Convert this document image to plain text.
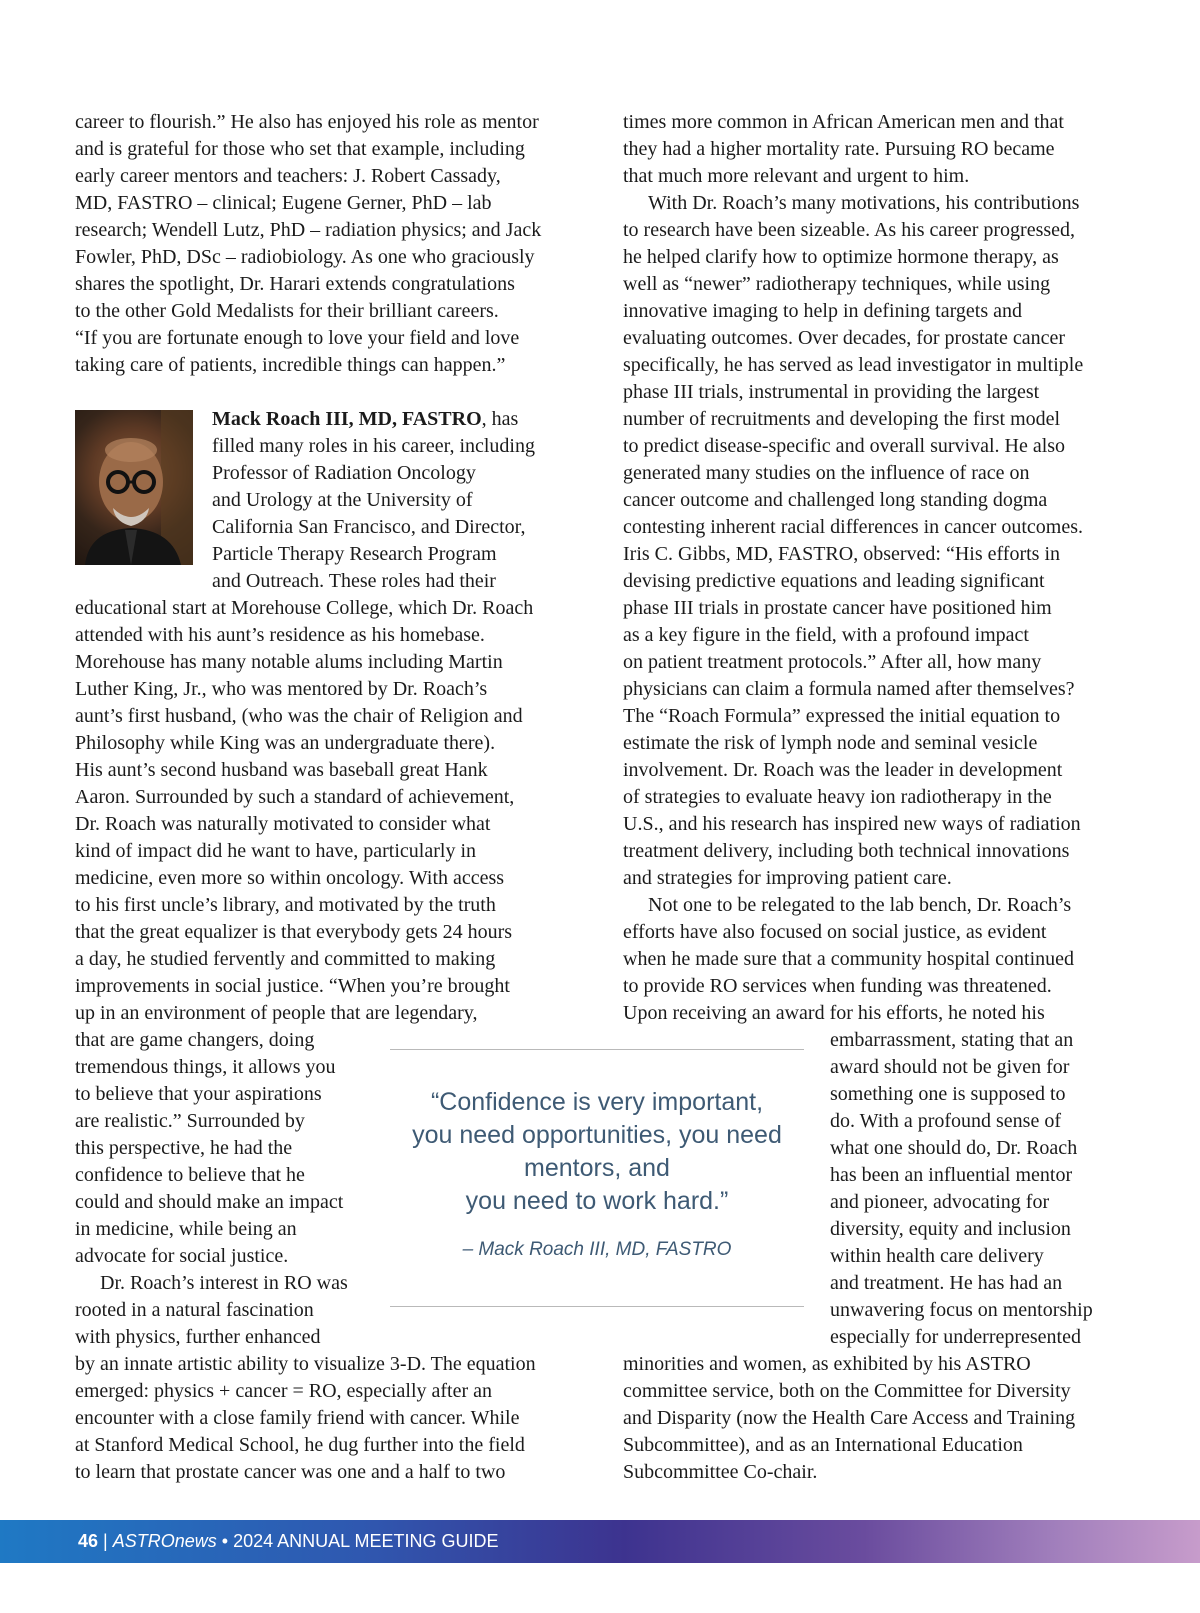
career to flourish.” He also has enjoyed his role as mentor
and is grateful for those who set that example, including
early career mentors and teachers: J. Robert Cassady,
MD, FASTRO – clinical; Eugene Gerner, PhD – lab
research; Wendell Lutz, PhD – radiation physics; and Jack
Fowler, PhD, DSc – radiobiology. As one who graciously
shares the spotlight, Dr. Harari extends congratulations
to the other Gold Medalists for their brilliant careers.
“If you are fortunate enough to love your field and love
taking care of patients, incredible things can happen.”
Mack Roach III, MD, FASTRO, has
filled many roles in his career, including
Professor of Radiation Oncology
and Urology at the University of
California San Francisco, and Director,
Particle Therapy Research Program
and Outreach. These roles had their
educational start at Morehouse College, which Dr. Roach
attended with his aunt’s residence as his homebase.
Morehouse has many notable alums including Martin
Luther King, Jr., who was mentored by Dr. Roach’s
aunt’s first husband, (who was the chair of Religion and
Philosophy while King was an undergraduate there).
His aunt’s second husband was baseball great Hank
Aaron. Surrounded by such a standard of achievement,
Dr. Roach was naturally motivated to consider what
kind of impact did he want to have, particularly in
medicine, even more so within oncology. With access
to his first uncle’s library, and motivated by the truth
that the great equalizer is that everybody gets 24 hours
a day, he studied fervently and committed to making
improvements in social justice. “When you’re brought
up in an environment of people that are legendary,
that are game changers, doing
tremendous things, it allows you
to believe that your aspirations
are realistic.” Surrounded by
this perspective, he had the
confidence to believe that he
could and should make an impact
in medicine, while being an
advocate for social justice.
Dr. Roach’s interest in RO was
rooted in a natural fascination
with physics, further enhanced
by an innate artistic ability to visualize 3-D. The equation
emerged: physics + cancer = RO, especially after an
encounter with a close family friend with cancer. While
at Stanford Medical School, he dug further into the field
to learn that prostate cancer was one and a half to two
times more common in African American men and that
they had a higher mortality rate. Pursuing RO became
that much more relevant and urgent to him.
With Dr. Roach’s many motivations, his contributions
to research have been sizeable. As his career progressed,
he helped clarify how to optimize hormone therapy, as
well as “newer” radiotherapy techniques, while using
innovative imaging to help in defining targets and
evaluating outcomes. Over decades, for prostate cancer
specifically, he has served as lead investigator in multiple
phase III trials, instrumental in providing the largest
number of recruitments and developing the first model
to predict disease-specific and overall survival. He also
generated many studies on the influence of race on
cancer outcome and challenged long standing dogma
contesting inherent racial differences in cancer outcomes.
Iris C. Gibbs, MD, FASTRO, observed: “His efforts in
devising predictive equations and leading significant
phase III trials in prostate cancer have positioned him
as a key figure in the field, with a profound impact
on patient treatment protocols.” After all, how many
physicians can claim a formula named after themselves?
The “Roach Formula” expressed the initial equation to
estimate the risk of lymph node and seminal vesicle
involvement. Dr. Roach was the leader in development
of strategies to evaluate heavy ion radiotherapy in the
U.S., and his research has inspired new ways of radiation
treatment delivery, including both technical innovations
and strategies for improving patient care.
Not one to be relegated to the lab bench, Dr. Roach’s
efforts have also focused on social justice, as evident
when he made sure that a community hospital continued
to provide RO services when funding was threatened.
Upon receiving an award for his efforts, he noted his
embarrassment, stating that an
award should not be given for
something one is supposed to
do. With a profound sense of
what one should do, Dr. Roach
has been an influential mentor
and pioneer, advocating for
diversity, equity and inclusion
within health care delivery
and treatment. He has had an
unwavering focus on mentorship
especially for underrepresented
minorities and women, as exhibited by his ASTRO
committee service, both on the Committee for Diversity
and Disparity (now the Health Care Access and Training
Subcommittee), and as an International Education
Subcommittee Co-chair.
“Confidence is very important,
you need opportunities, you need
mentors, and
you need to work hard.”
– Mack Roach III, MD, FASTRO
46 | ASTROnews • 2024 ANNUAL MEETING GUIDE
